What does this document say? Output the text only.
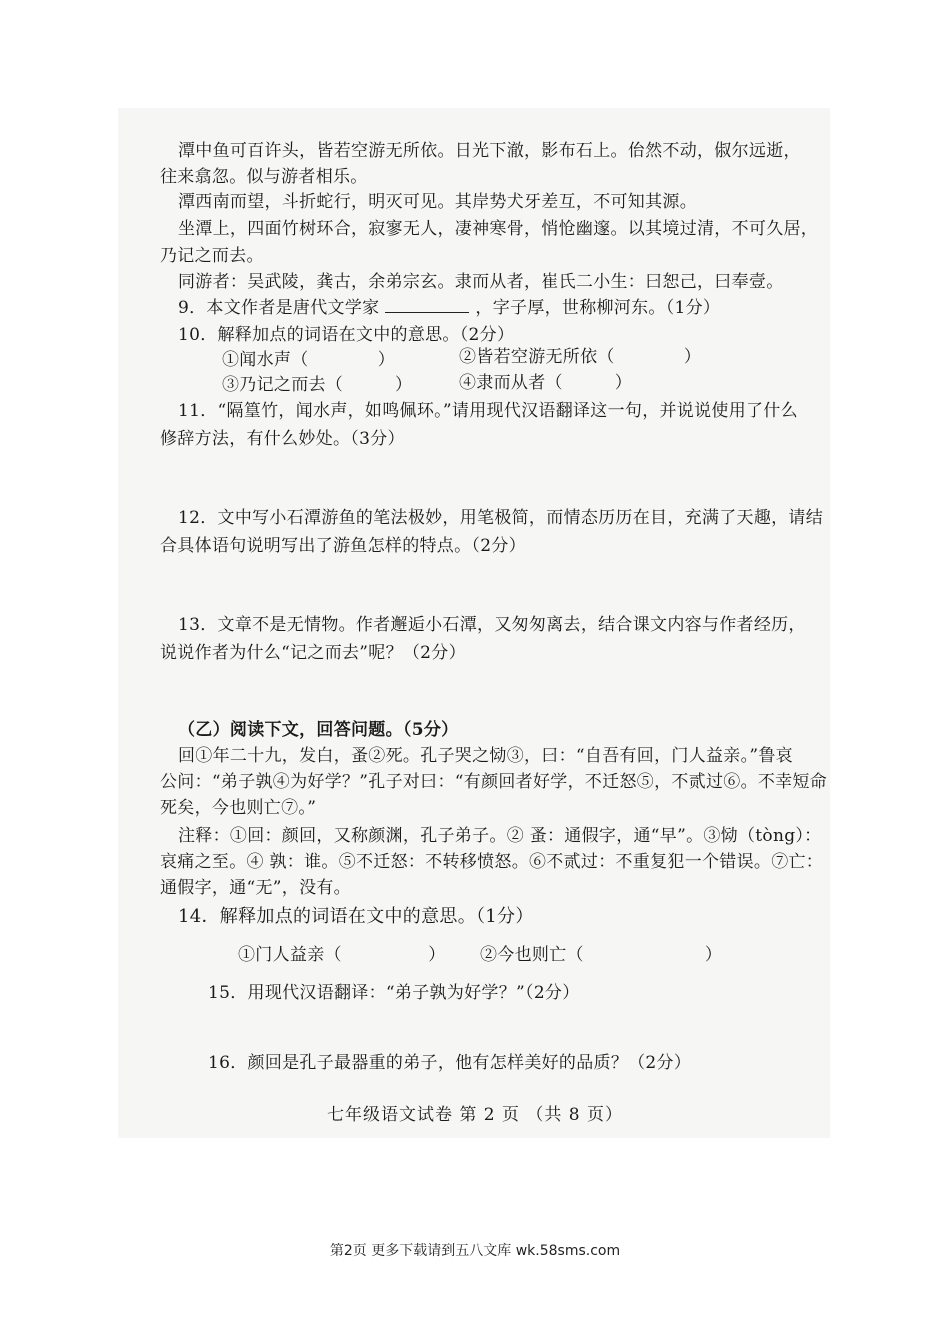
潭中鱼可百许头，皆若空游无所依。日光下澈，影布石上。佁然不动，俶尔远逝，
往来翕忽。似与游者相乐。
潭西南而望，斗折蛇行，明灭可见。其岸势犬牙差互，不可知其源。
坐潭上，四面竹树环合，寂寥无人，凄神寒骨，悄怆幽邃。以其境过清，不可久居，
乃记之而去。
同游者：吴武陵，龚古，余弟宗玄。隶而从者，崔氏二小生：曰恕己，曰奉壹。
9．本文作者是唐代文学家	，字子厚，世称柳河东。（1分）
10．解释加点的词语在文中的意思。（2分）
①闻水声（　　　　）	②皆若空游无所依（　　　　）
③乃记之而去（　　　）	④隶而从者（　　　）
11．“隔篁竹，闻水声，如鸣佩环。”请用现代汉语翻译这一句，并说说使用了什么
修辞方法，有什么妙处。（3分）
12．文中写小石潭游鱼的笔法极妙，用笔极简，而情态历历在目，充满了天趣，请结
合具体语句说明写出了游鱼怎样的特点。（2分）
13．文章不是无情物。作者邂逅小石潭，又匆匆离去，结合课文内容与作者经历，
说说作者为什么“记之而去”呢？（2分）
（乙）阅读下文，回答问题。（5分）
回①年二十九，发白，蚤②死。孔子哭之恸③，曰：“自吾有回，门人益亲。”鲁哀
公问：“弟子孰④为好学？”孔子对曰：“有颜回者好学，不迁怒⑤，不贰过⑥。不幸短命
死矣，今也则亡⑦。”
注释：①回：颜回，又称颜渊，孔子弟子。② 蚤：通假字，通“早”。③恸（tòng）：
哀痛之至。④ 孰：谁。⑤不迁怒：不转移愤怒。⑥不贰过：不重复犯一个错误。⑦亡：
通假字，通“无”，没有。
14．解释加点的词语在文中的意思。（1分）
①门人益亲（　　　　　） ②今也则亡（　　　　　　　）
15．用现代汉语翻译：“弟子孰为好学？”（2分）
16．颜回是孔子最器重的弟子，他有怎样美好的品质？（2分）
七年级语文试卷 第 2 页 （共 8 页）
第2页 更多下载请到五八文库 wk.58sms.com
